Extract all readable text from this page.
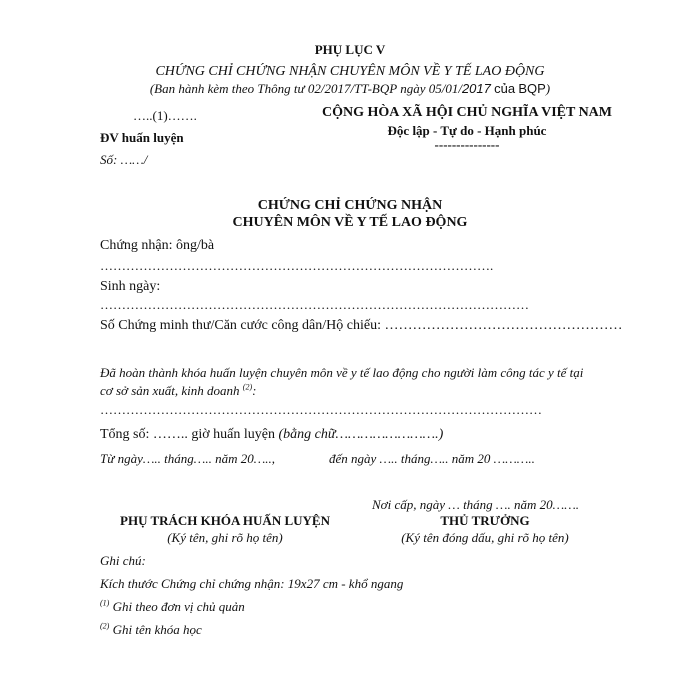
PHỤ LỤC V
CHỨNG CHỈ CHỨNG NHẬN CHUYÊN MÔN VỀ Y TẾ LAO ĐỘNG
(Ban hành kèm theo Thông tư 02/2017/TT-BQP ngày 05/01/2017 của BQP)
…..(1)…….
ĐV huấn luyện
Số: ……/
CỘNG HÒA XÃ HỘI CHỦ NGHĨA VIỆT NAM
Độc lập - Tự do - Hạnh phúc
---------------
CHỨNG CHỈ CHỨNG NHẬN
CHUYÊN MÔN VỀ Y TẾ LAO ĐỘNG
Chứng nhận: ông/bà
……………………………………………………………………………….
Sinh ngày:
………………………………………………………………………………………
Số Chứng minh thư/Căn cước công dân/Hộ chiếu: ……………………………………………
Đã hoàn thành khóa huấn luyện chuyên môn về y tế lao động cho người làm công tác y tế tại
cơ sở sản xuất, kinh doanh $^{(2)}$:
…………………………………………………………………………………………
Tổng số: …….. giờ huấn luyện (bằng chữ…………………….)
Từ ngày….. tháng….. năm 20…..,	đến ngày ….. tháng….. năm 20 ………..
Nơi cấp, ngày … tháng …. năm 20…….
PHỤ TRÁCH KHÓA HUẤN LUYỆN
(Ký tên, ghi rõ họ tên)
THỦ TRƯỞNG
(Ký tên đóng dấu, ghi rõ họ tên)
Ghi chú:
Kích thước Chứng chỉ chứng nhận: 19x27 cm - khổ ngang
$^{(1)}$ Ghi theo đơn vị chủ quản
$^{(2)}$ Ghi tên khóa học
